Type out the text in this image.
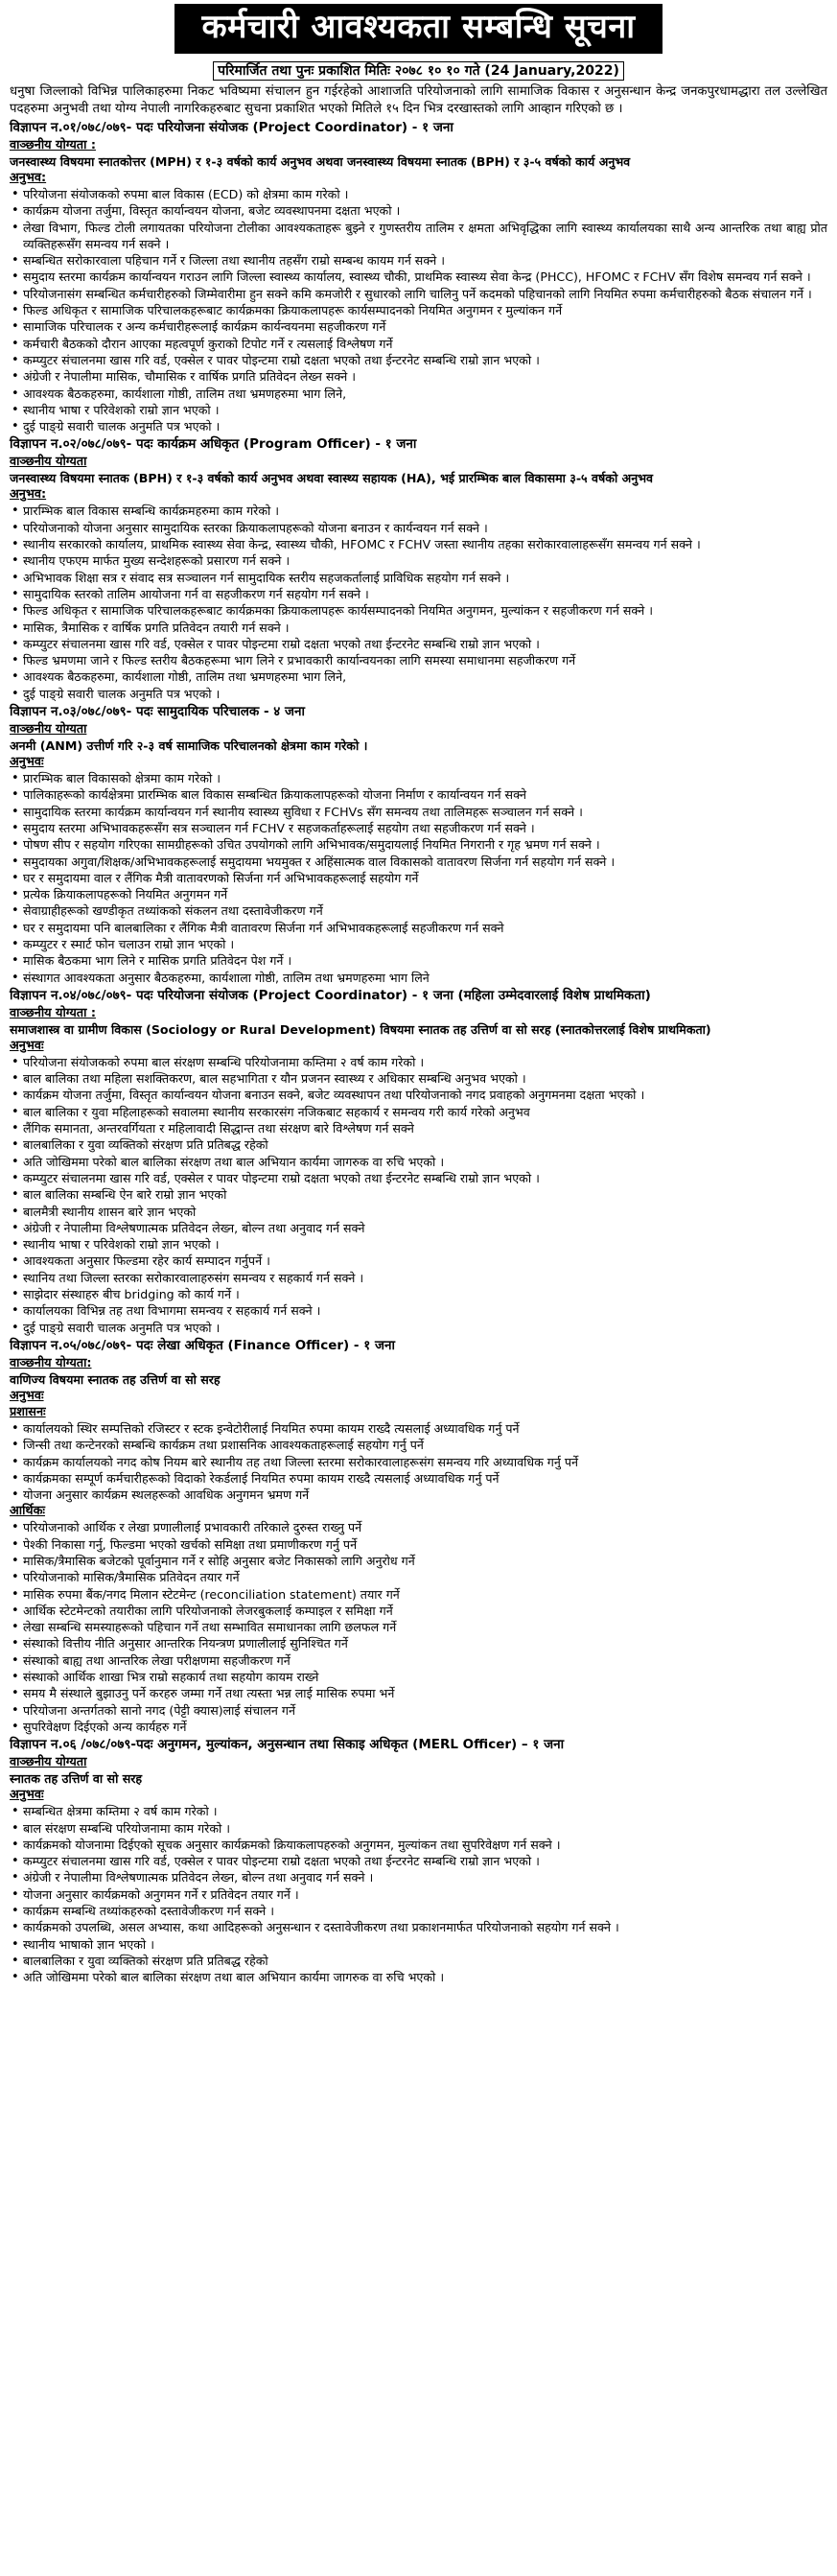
कर्मचारी आवश्यकता सम्बन्धि सूचना
परिमार्जित तथा पुनः प्रकाशित मितिः २०७८ १० १० गते (24 January,2022)
धनुषा जिल्लाको विभिन्न पालिकाहरुमा निकट भविष्यमा संचालन हुन गईरहेको आशाजति परियोजनाको लागि सामाजिक विकास र अनुसन्धान केन्द्र जनकपुरधामद्धारा तल उल्लेखित पदहरुमा अनुभवी तथा योग्य नेपाली नागरिकहरुबाट सुचना प्रकाशित भएको मितिले १५ दिन भित्र दरखास्तको लागि आव्हान गरिएको छ ।
विज्ञापन न.०१/०७८/०७९- पदः परियोजना संयोजक (Project Coordinator) - १ जना
वाञ्छनीय योग्यता :
जनस्वास्थ्य विषयमा स्नातकोत्तर (MPH) र १-३ वर्षको कार्य अनुभव अथवा जनस्वास्थ्य विषयमा स्नातक (BPH) र ३-५ वर्षको कार्य अनुभव
अनुभव:
• परियोजना संयोजकको रुपमा बाल विकास (ECD) को क्षेत्रमा काम गरेको ।
• कार्यक्रम योजना तर्जुमा, विस्तृत कार्यान्वयन योजना, बजेट व्यवस्थापनमा दक्षता भएको ।
• लेखा विभाग, फिल्ड टोली लगायतका परियोजना टोलीका आवश्यकताहरू बुझ्ने र गुणस्तरीय तालिम र क्षमता अभिवृद्धिका लागि स्वास्थ्य कार्यालयका साथै अन्य आन्तरिक तथा बाह्य प्रोत व्यक्तिहरूसँग समन्वय गर्न सक्ने ।
• सम्बन्धित सरोकारवाला पहिचान गर्ने र जिल्ला तथा स्थानीय तहसँग राम्रो सम्बन्ध कायम गर्न सक्ने ।
• समुदाय स्तरमा कार्यक्रम कार्यान्वयन गराउन लागि जिल्ला स्वास्थ्य कार्यालय, स्वास्थ्य चौकी, प्राथमिक स्वास्थ्य सेवा केन्द्र (PHCC), HFOMC र FCHV सँग विशेष समन्वय गर्न सक्ने ।
• परियोजनासंग सम्बन्धित कर्मचारीहरुको जिम्मेवारीमा हुन सक्ने कमि कमजोरी र सुधारको लागि चालिनु पर्ने कदमको पहिचानको लागि नियमित रुपमा कर्मचारीहरुको बैठक संचालन गर्ने ।
• फिल्ड अधिकृत र सामाजिक परिचालकहरूबाट कार्यक्रमका क्रियाकलापहरू कार्यसम्पादनको नियमित अनुगमन र मुल्यांकन गर्ने
• सामाजिक परिचालक र अन्य कर्मचारीहरूलाई कार्यक्रम कार्यन्वयनमा सहजीकरण गर्ने
• कर्मचारी बैठकको दौरान आएका महत्वपूर्ण कुराको टिपोट गर्ने र त्यसलाई विश्लेषण गर्ने
• कम्प्युटर संचालनमा खास गरि वर्ड, एक्सेल र पावर पोइन्टमा राम्रो दक्षता भएको तथा ईन्टरनेट सम्बन्धि राम्रो ज्ञान भएको ।
• अंग्रेजी र नेपालीमा मासिक, चौमासिक र वार्षिक प्रगति प्रतिवेदन लेख्न सक्ने ।
• आवश्यक बैठकहरुमा, कार्यशाला गोष्ठी, तालिम तथा भ्रमणहरुमा भाग लिने,
• स्थानीय भाषा र परिवेशको राम्रो ज्ञान भएको ।
• दुई पाङ्ग्रे सवारी चालक अनुमति पत्र भएको ।
विज्ञापन न.०२/०७८/०७९- पदः कार्यक्रम अधिकृत (Program Officer) - १ जना
वाञ्छनीय योग्यता
जनस्वास्थ्य विषयमा स्नातक (BPH) र १-३ वर्षको कार्य अनुभव अथवा स्वास्थ्य सहायक (HA), भई प्रारम्भिक बाल विकासमा ३-५ वर्षको अनुभव
अनुभव:
• प्रारम्भिक बाल विकास सम्बन्धि कार्यक्रमहरुमा काम गरेको ।
• परियोजनाको योजना अनुसार सामुदायिक स्तरका क्रियाकलापहरूको योजना बनाउन र कार्यन्वयन गर्न सक्ने ।
• स्थानीय सरकारको कार्यालय, प्राथमिक स्वास्थ्य सेवा केन्द्र, स्वास्थ्य चौकी, HFOMC र FCHV जस्ता स्थानीय तहका सरोकारवालाहरूसँग समन्वय गर्न सक्ने ।
• स्थानीय एफएम मार्फत मुख्य सन्देशहरूको प्रसारण गर्न सक्ने ।
• अभिभावक शिक्षा सत्र र संवाद सत्र सञ्चालन गर्न सामुदायिक स्तरीय सहजकर्तालाई प्राविधिक सहयोग गर्न सक्ने ।
• सामुदायिक स्तरको तालिम आयोजना गर्न वा सहजीकरण गर्न सहयोग गर्न सक्ने ।
• फिल्ड अधिकृत र सामाजिक परिचालकहरूबाट कार्यक्रमका क्रियाकलापहरू कार्यसम्पादनको नियमित अनुगमन, मुल्यांकन र सहजीकरण गर्न सक्ने ।
• मासिक, त्रैमासिक र वार्षिक प्रगति प्रतिवेदन तयारी गर्न सक्ने ।
• कम्प्युटर संचालनमा खास गरि वर्ड, एक्सेल र पावर पोइन्टमा राम्रो दक्षता भएको तथा ईन्टरनेट सम्बन्धि राम्रो ज्ञान भएको ।
• फिल्ड भ्रमणमा जाने र फिल्ड स्तरीय बैठकहरूमा भाग लिने र प्रभावकारी कार्यान्वयनका लागि समस्या समाधानमा सहजीकरण गर्ने
• आवश्यक बैठकहरुमा, कार्यशाला गोष्ठी, तालिम तथा भ्रमणहरुमा भाग लिने,
• दुई पाङ्ग्रे सवारी चालक अनुमति पत्र भएको ।
विज्ञापन न.०३/०७८/०७९- पदः सामुदायिक परिचालक - ४ जना
वाञ्छनीय योग्यता
अनमी (ANM) उत्तीर्ण गरि २-३ वर्ष सामाजिक परिचालनको क्षेत्रमा काम गरेको ।
अनुभवः
• प्रारम्भिक बाल विकासको क्षेत्रमा काम गरेको ।
• पालिकाहरूको कार्यक्षेत्रमा प्रारम्भिक बाल विकास सम्बन्धित क्रियाकलापहरूको योजना निर्माण र कार्यान्वयन गर्न सक्ने
• सामुदायिक स्तरमा कार्यक्रम कार्यान्वयन गर्न स्थानीय स्वास्थ्य सुविधा र FCHVs सँग समन्वय तथा तालिमहरू सञ्चालन गर्न सक्ने ।
• समुदाय स्तरमा अभिभावकहरूसँग सत्र सञ्चालन गर्न FCHV र सहजकर्ताहरूलाई सहयोग तथा सहजीकरण गर्न सक्ने ।
• पोषण सीप र सहयोग गरिएका सामग्रीहरूको उचित उपयोगको लागि अभिभावक/समुदायलाई नियमित निगरानी र गृह भ्रमण गर्न सक्ने ।
• समुदायका अगुवा/शिक्षक/अभिभावकहरूलाई समुदायमा भयमुक्त र अहिंसात्मक वाल विकासको वातावरण सिर्जना गर्न सहयोग गर्न सक्ने ।
• घर र समुदायमा वाल र लैंगिक मैत्री वातावरणको सिर्जना गर्न अभिभावकहरूलाई सहयोग गर्ने
• प्रत्येक क्रियाकलापहरूको नियमित अनुगमन गर्ने
• सेवाग्राहीहरूको खण्डीकृत तथ्यांकको संकलन तथा दस्तावेजीकरण गर्ने
• घर र समुदायमा पनि बालबालिका र लैंगिक मैत्री वातावरण सिर्जना गर्न अभिभावकहरूलाई सहजीकरण गर्न सक्ने
• कम्प्युटर र स्मार्ट फोन चलाउन राम्रो ज्ञान भएको ।
• मासिक बैठकमा भाग लिने र मासिक प्रगति प्रतिवेदन पेश गर्ने ।
• संस्थागत आवश्यकता अनुसार बैठकहरुमा, कार्यशाला गोष्ठी, तालिम तथा भ्रमणहरुमा भाग लिने
विज्ञापन न.०४/०७८/०७९- पदः परियोजना संयोजक (Project Coordinator) - १ जना (महिला उम्मेदवारलाई विशेष प्राथमिकता)
वाञ्छनीय योग्यता :
समाजशास्त्र वा ग्रामीण विकास (Sociology or Rural Development) विषयमा स्नातक तह उत्तिर्ण वा सो सरह (स्नातकोत्तरलाई विशेष प्राथमिकता)
अनुभवः
• परियोजना संयोजकको रुपमा बाल संरक्षण सम्बन्धि परियोजनामा कम्तिमा २ वर्ष काम गरेको ।
• बाल बालिका तथा महिला सशक्तिकरण, बाल सहभागिता र यौन प्रजनन स्वास्थ्य र अधिकार सम्बन्धि अनुभव भएको ।
• कार्यक्रम योजना तर्जुमा, विस्तृत कार्यान्वयन योजना बनाउन सक्ने, बजेट व्यवस्थापन तथा परियोजनाको नगद प्रवाहको अनुगमनमा दक्षता भएको ।
• बाल बालिका र युवा महिलाहरूको सवालमा स्थानीय सरकारसंग नजिकबाट सहकार्य र समन्वय गरी कार्य गरेको अनुभव
• लैंगिक समानता, अन्तरवर्गियता र महिलावादी सिद्धान्त तथा संरक्षण बारे विश्लेषण गर्न सक्ने
• बालबालिका र युवा व्यक्तिको संरक्षण प्रति प्रतिबद्ध रहेको
• अति जोखिममा परेको बाल बालिका संरक्षण तथा बाल अभियान कार्यमा जागरुक वा रुचि भएको ।
• कम्प्युटर संचालनमा खास गरि वर्ड, एक्सेल र पावर पोइन्टमा राम्रो दक्षता भएको तथा ईन्टरनेट सम्बन्धि राम्रो ज्ञान भएको ।
• बाल बालिका सम्बन्धि ऐन बारे राम्रो ज्ञान भएको
• बालमैत्री स्थानीय शासन बारे ज्ञान भएको
• अंग्रेजी र नेपालीमा विश्लेषणात्मक प्रतिवेदन लेख्न, बोल्न तथा अनुवाद गर्न सक्ने
• स्थानीय भाषा र परिवेशको राम्रो ज्ञान भएको ।
• आवश्यकता अनुसार फिल्डमा रहेर कार्य सम्पादन गर्नुपर्ने ।
• स्थानिय तथा जिल्ला स्तरका सरोकारवालाहरुसंग समन्वय र सहकार्य गर्न सक्ने ।
• साझेदार संस्थाहरु बीच bridging को कार्य गर्ने ।
• कार्यालयका विभिन्न तह तथा विभागमा समन्वय र सहकार्य गर्न सक्ने ।
• दुई पाङ्ग्रे सवारी चालक अनुमति पत्र भएको ।
विज्ञापन न.०५/०७८/०७९- पदः लेखा अधिकृत (Finance Officer) - १ जना
वाञ्छनीय योग्यता:
वाणिज्य विषयमा स्नातक तह उत्तिर्ण वा सो सरह
अनुभवः
प्रशासनः
• कार्यालयको स्थिर सम्पत्तिको रजिस्टर र स्टक इन्वेटोरीलाई नियमित रुपमा कायम राख्दै त्यसलाई अध्यावधिक गर्नु पर्ने
• जिन्सी तथा कन्टेनरको सम्बन्धि कार्यक्रम तथा प्रशासनिक आवश्यकताहरूलाई सहयोग गर्नु पर्ने
• कार्यक्रम कार्यालयको नगद कोष नियम बारे स्थानीय तह तथा जिल्ला स्तरमा सरोकारवालाहरूसंग समन्वय गरि अध्यावधिक गर्नु पर्ने
• कार्यक्रमका सम्पूर्ण कर्मचारीहरूको विदाको रेकर्डलाई नियमित रुपमा कायम राख्दै त्यसलाई अध्यावधिक गर्नु पर्ने
• योजना अनुसार कार्यक्रम स्थलहरूको आवधिक अनुगमन भ्रमण गर्ने
आर्थिकः
• परियोजनाको आर्थिक र लेखा प्रणालीलाई प्रभावकारी तरिकाले दुरुस्त राख्नु पर्ने
• पेश्की निकासा गर्नु, फिल्डमा भएको खर्चको समिक्षा तथा प्रमाणीकरण गर्नु पर्ने
• मासिक/त्रैमासिक बजेटको पूर्वानुमान गर्ने र सोहि अनुसार बजेट निकासको लागि अनुरोध गर्ने
• परियोजनाको मासिक/त्रैमासिक प्रतिवेदन तयार गर्ने
• मासिक रुपमा बैंक/नगद मिलान स्टेटमेन्ट (reconciliation statement) तयार गर्ने
• आर्थिक स्टेटमेन्टको तयारीका लागि परियोजनाको लेजरबुकलाई कम्पाइल र समिक्षा गर्ने
• लेखा सम्बन्धि समस्याहरूको पहिचान गर्ने तथा सम्भावित समाधानका लागि छलफल गर्ने
• संस्थाको वित्तीय नीति अनुसार आन्तरिक नियन्त्रण प्रणालीलाई सुनिश्चित गर्ने
• संस्थाको बाह्य तथा आन्तरिक लेखा परीक्षणमा सहजीकरण गर्ने
• संस्थाको आर्थिक शाखा भित्र राम्रो सहकार्य तथा सहयोग कायम राख्ने
• समय मै संस्थाले बुझाउनु पर्ने करहरु जम्मा गर्ने तथा त्यस्ता भन्न लाई मासिक रुपमा भर्ने
• परियोजना अन्तर्गतको सानो नगद (पेट्टी क्यास)लाई संचालन गर्ने
• सुपरिवेक्षण दिईएको अन्य कार्यहरु गर्ने
विज्ञापन न.०६ /०७८/०७९-पदः अनुगमन, मुल्यांकन, अनुसन्धान तथा सिकाइ अधिकृत (MERL Officer) – १ जना
वाञ्छनीय योग्यता
स्नातक तह उत्तिर्ण वा सो सरह
अनुभवः
• सम्बन्धित क्षेत्रमा कम्तिमा २ वर्ष काम गरेको ।
• बाल संरक्षण सम्बन्धि परियोजनामा काम गरेको ।
• कार्यक्रमको योजनामा दिईएको सूचक अनुसार कार्यक्रमको क्रियाकलापहरुको अनुगमन, मुल्यांकन तथा सुपरिवेक्षण गर्न सक्ने ।
• कम्प्युटर संचालनमा खास गरि वर्ड, एक्सेल र पावर पोइन्टमा राम्रो दक्षता भएको तथा ईन्टरनेट सम्बन्धि राम्रो ज्ञान भएको ।
• अंग्रेजी र नेपालीमा विश्लेषणात्मक प्रतिवेदन लेख्न, बोल्न तथा अनुवाद गर्न सक्ने ।
• योजना अनुसार कार्यक्रमको अनुगमन गर्ने र प्रतिवेदन तयार गर्ने ।
• कार्यक्रम सम्बन्धि तथ्यांकहरुको दस्तावेजीकरण गर्न सक्ने ।
• कार्यक्रमको उपलब्धि, असल अभ्यास, कथा आदिहरूको अनुसन्धान र दस्तावेजीकरण तथा प्रकाशनमार्फत परियोजनाको सहयोग गर्न सक्ने ।
• स्थानीय भाषाको ज्ञान भएको ।
• बालबालिका र युवा व्यक्तिको संरक्षण प्रति प्रतिबद्ध रहेको
• अति जोखिममा परेको बाल बालिका संरक्षण तथा बाल अभियान कार्यमा जागरुक वा रुचि भएको ।
